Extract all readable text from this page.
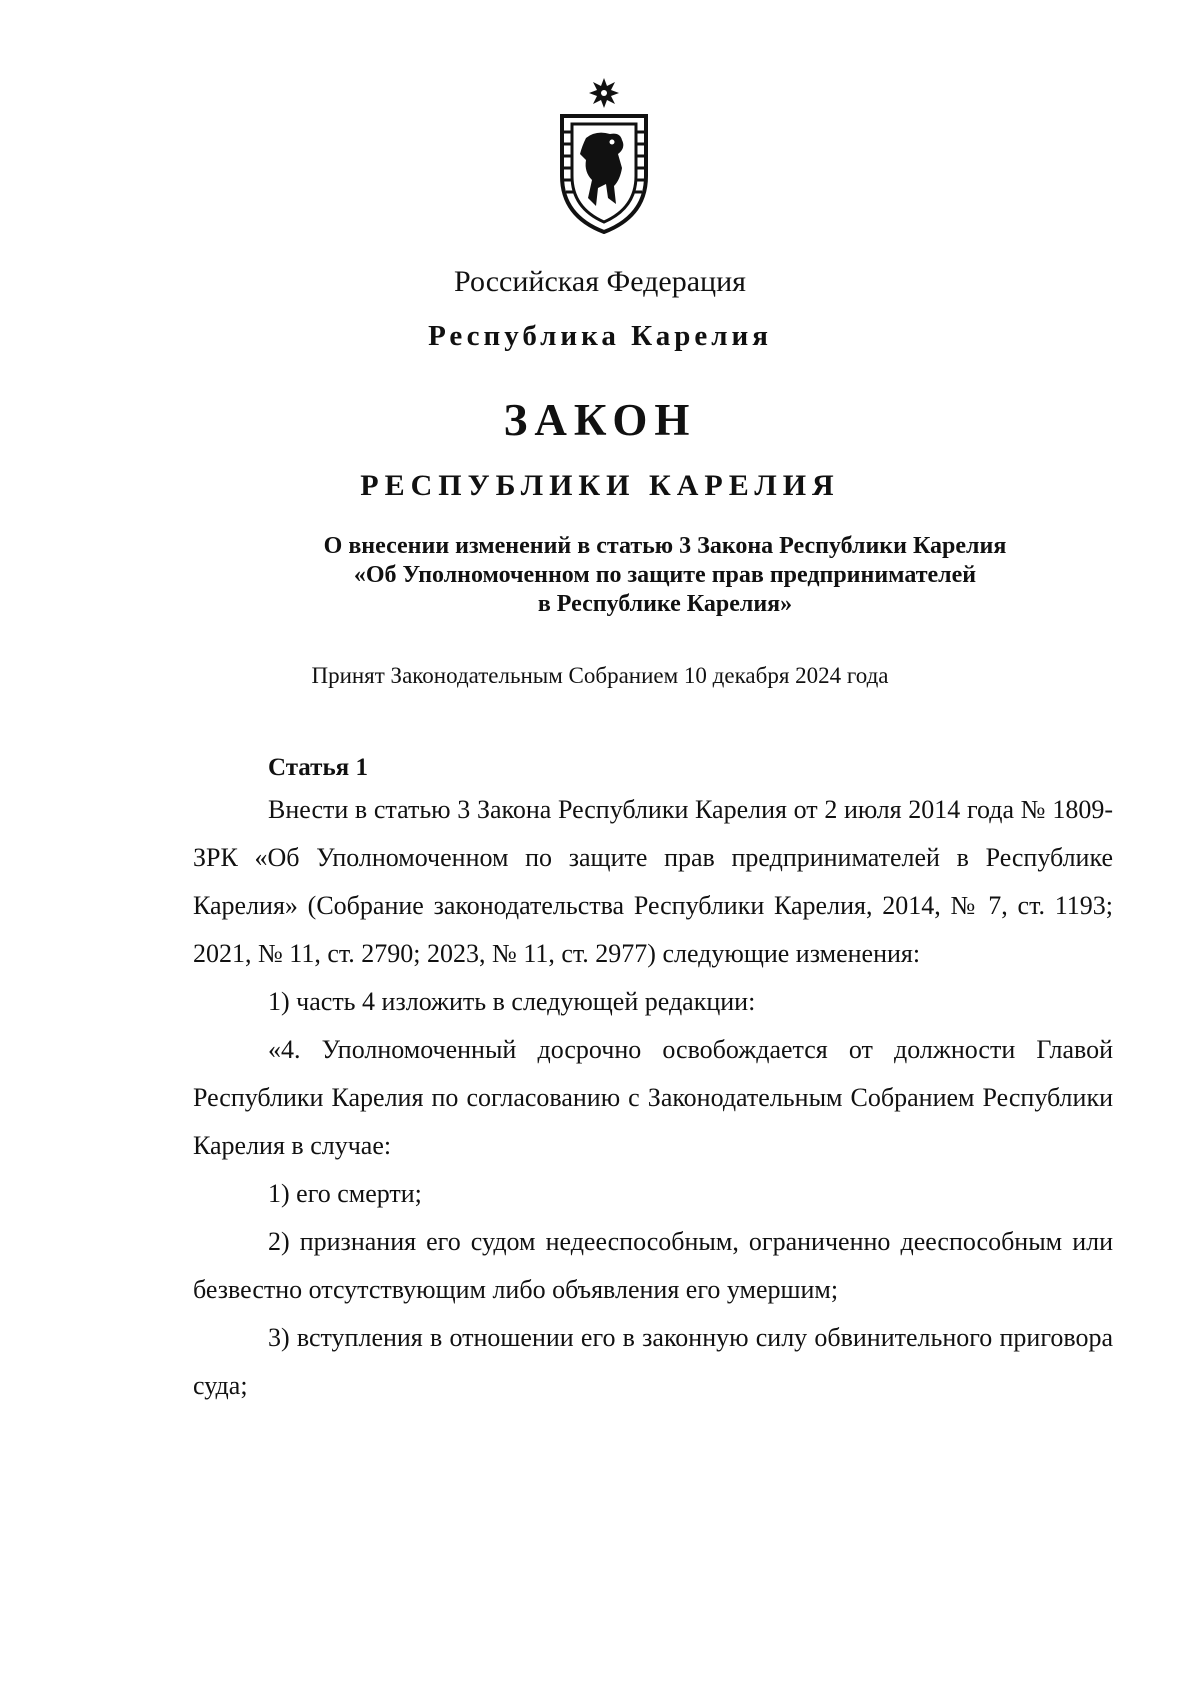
Российская Федерация

Республика Карелия

ЗАКОН

РЕСПУБЛИКИ КАРЕЛИЯ

О внесении изменений в статью 3 Закона Республики Карелия
«Об Уполномоченном по защите прав предпринимателей
в Республике Карелия»

Принят Законодательным Собранием 10 декабря 2024 года

Статья 1

Внести в статью 3 Закона Республики Карелия от 2 июля 2014 года № 1809-ЗРК «Об Уполномоченном по защите прав предпринимателей в Республике Карелия» (Собрание законодательства Республики Карелия, 2014, № 7, ст. 1193; 2021, № 11, ст. 2790; 2023, № 11, ст. 2977) следующие изменения:

1) часть 4 изложить в следующей редакции:

«4. Уполномоченный досрочно освобождается от должности Главой Республики Карелия по согласованию с Законодательным Собранием Республики Карелия в случае:

1) его смерти;

2) признания его судом недееспособным, ограниченно дееспособным или безвестно отсутствующим либо объявления его умершим;

3) вступления в отношении его в законную силу обвинительного приговора суда;
